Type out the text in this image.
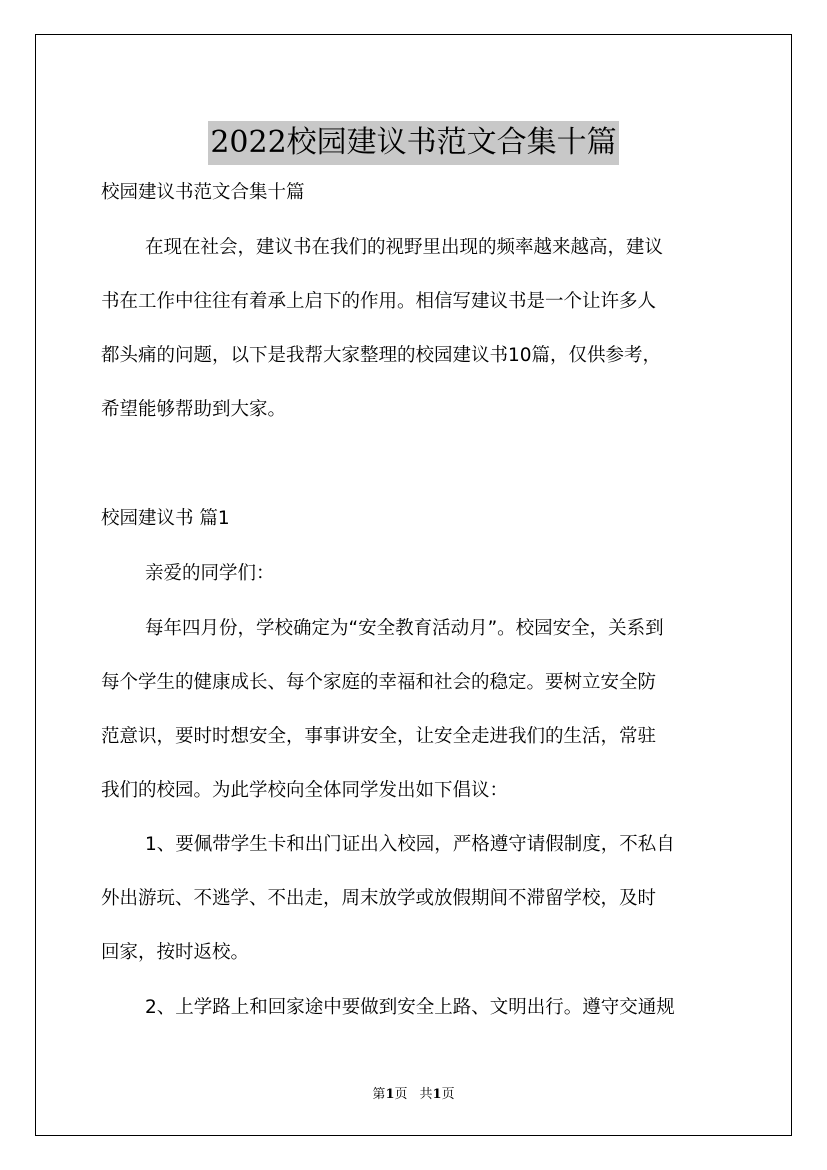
2022校园建议书范文合集十篇

校园建议书范文合集十篇

在现在社会，建议书在我们的视野里出现的频率越来越高，建议

书在工作中往往有着承上启下的作用。相信写建议书是一个让许多人

都头痛的问题，以下是我帮大家整理的校园建议书10篇，仅供参考，

希望能够帮助到大家。

校园建议书 篇1

亲爱的同学们：

每年四月份，学校确定为“安全教育活动月”。校园安全，关系到

每个学生的健康成长、每个家庭的幸福和社会的稳定。要树立安全防

范意识，要时时想安全，事事讲安全，让安全走进我们的生活，常驻

我们的校园。为此学校向全体同学发出如下倡议：

1、要佩带学生卡和出门证出入校园，严格遵守请假制度，不私自

外出游玩、不逃学、不出走，周末放学或放假期间不滞留学校，及时

回家，按时返校。

2、上学路上和回家途中要做到安全上路、文明出行。遵守交通规

第1页 共1页
